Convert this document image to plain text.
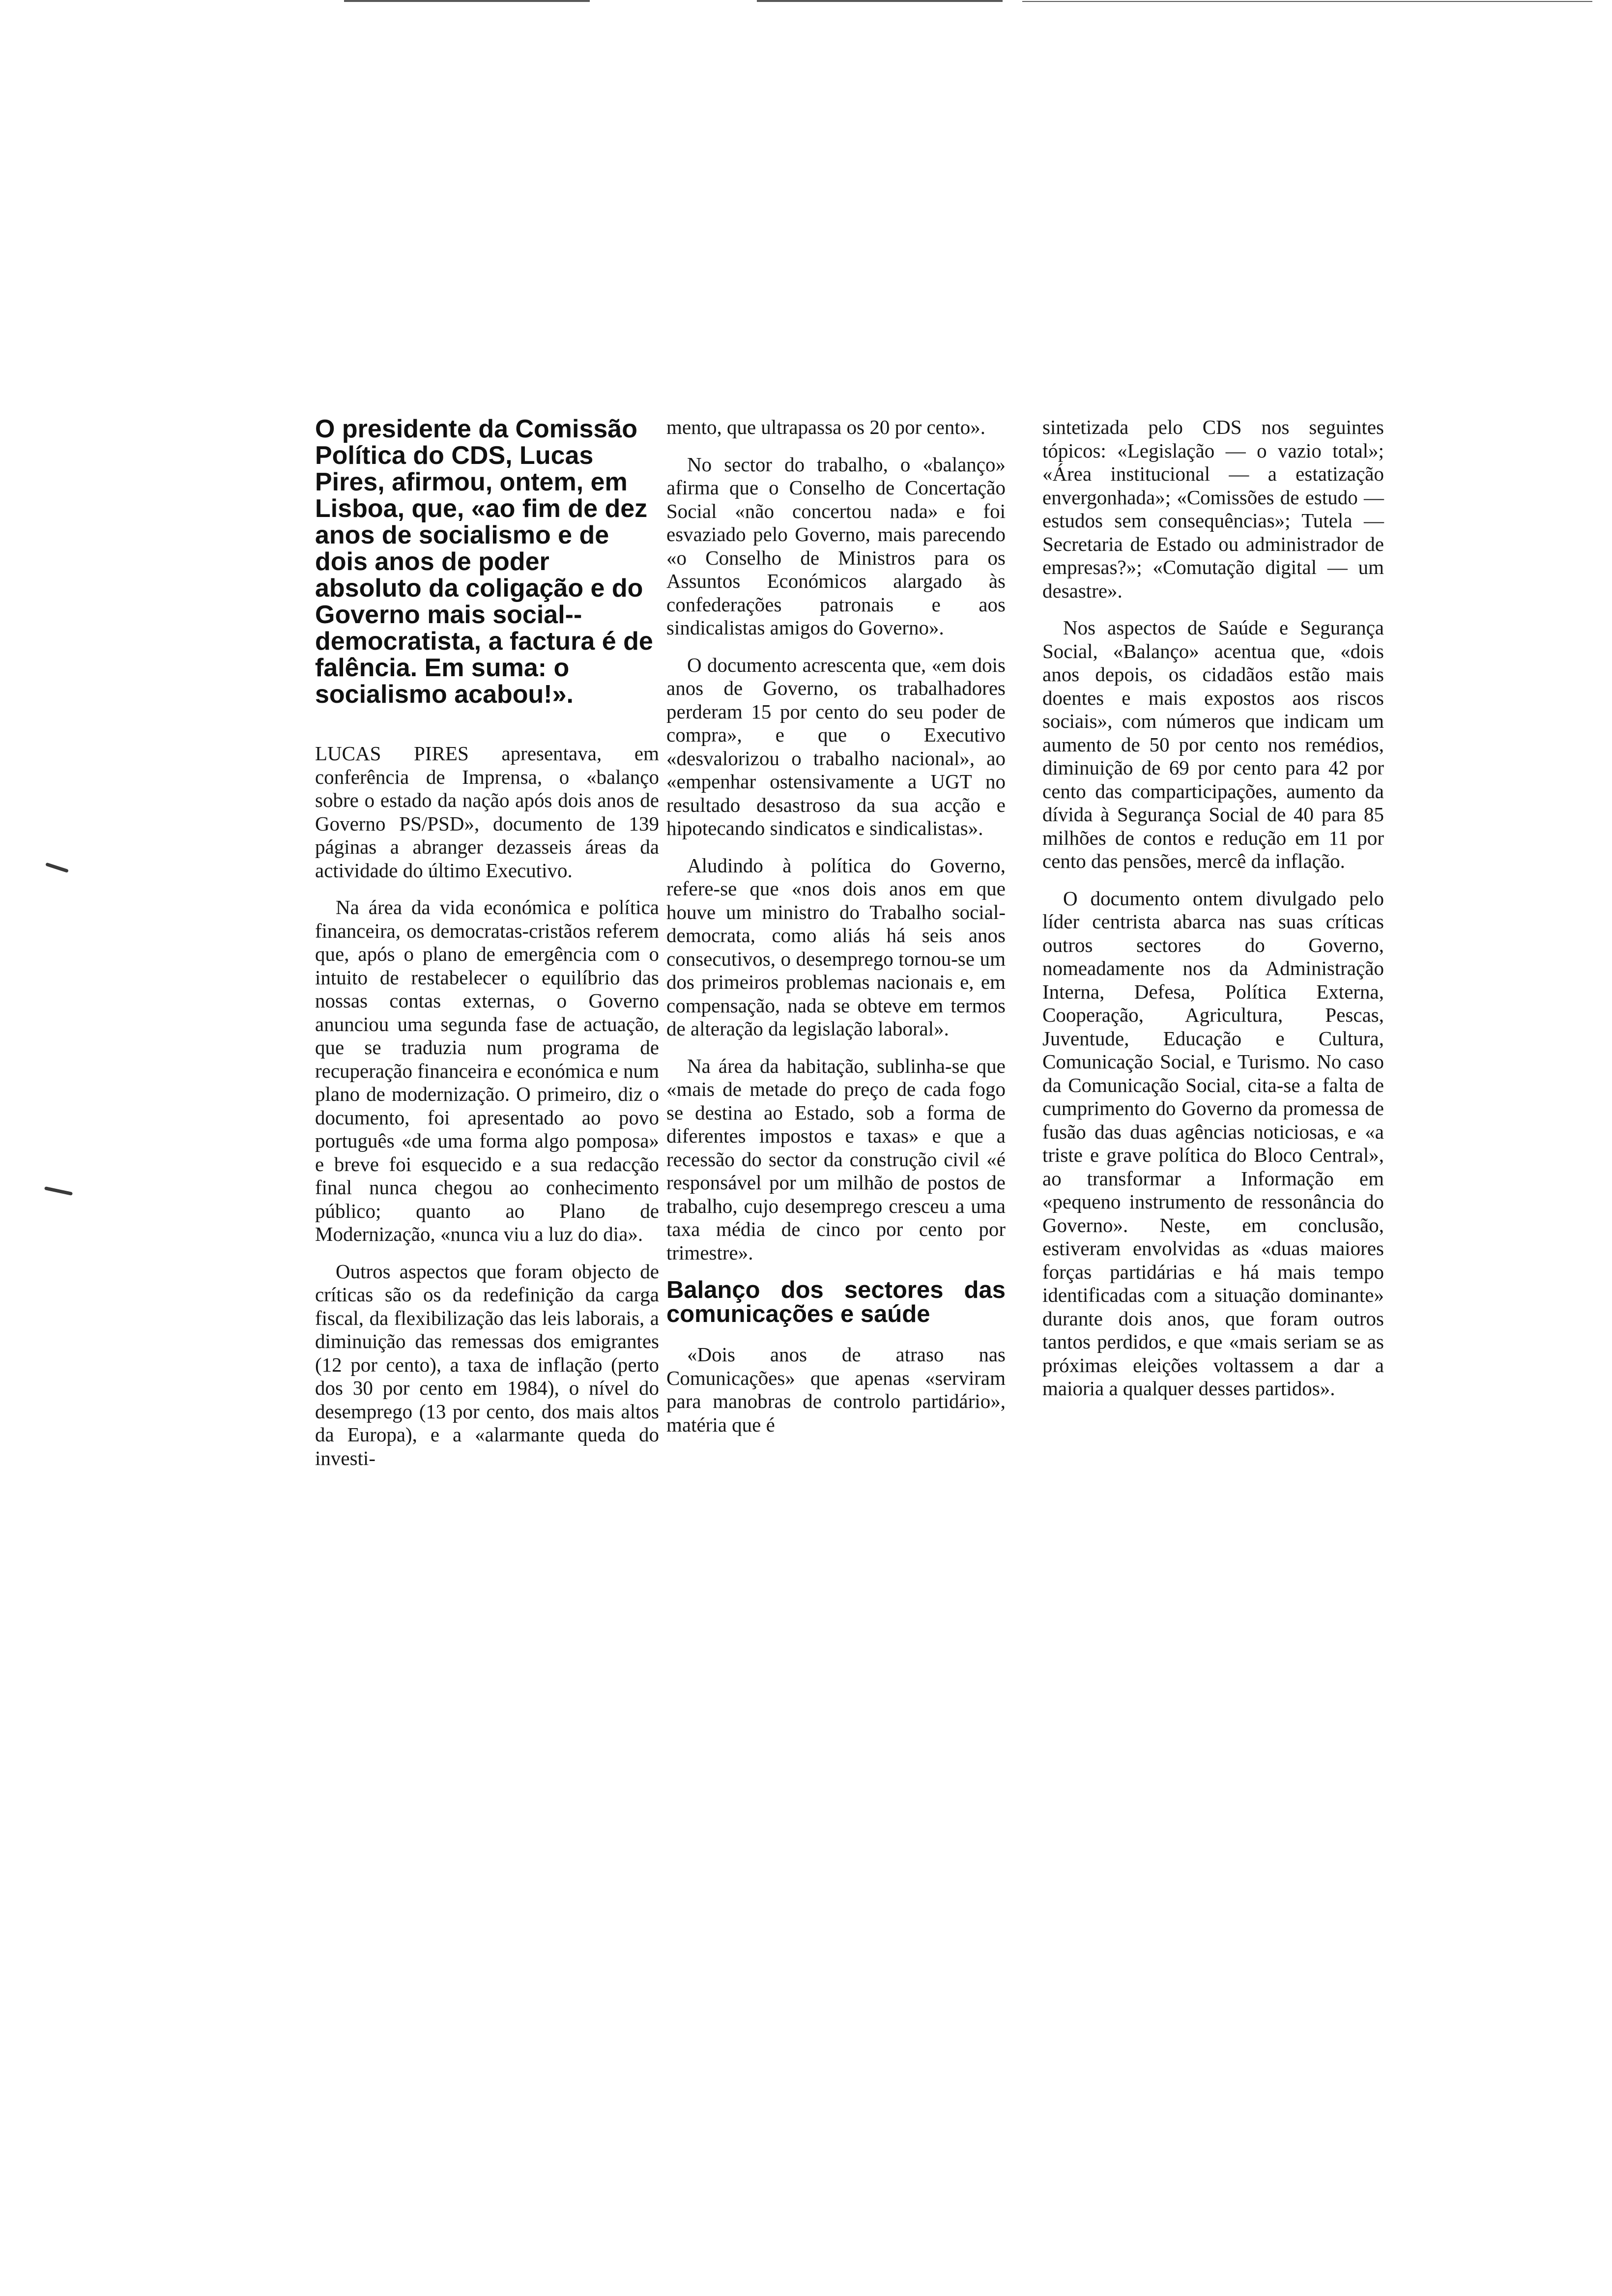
O presidente da Comissão Política do CDS, Lucas Pires, afirmou, ontem, em Lisboa, que, «ao fim de dez anos de socialismo e de dois anos de poder absoluto da coligação e do Governo mais social--democratista, a factura é de falência. Em suma: o socialismo acabou!».

LUCAS PIRES apresentava, em conferência de Imprensa, o «balanço sobre o estado da nação após dois anos de Governo PS/PSD», documento de 139 páginas a abranger dezasseis áreas da actividade do último Executivo.

Na área da vida económica e política financeira, os democratas-cristãos referem que, após o plano de emergência com o intuito de restabelecer o equilíbrio das nossas contas externas, o Governo anunciou uma segunda fase de actuação, que se traduzia num programa de recuperação financeira e económica e num plano de modernização. O primeiro, diz o documento, foi apresentado ao povo português «de uma forma algo pomposa» e breve foi esquecido e a sua redacção final nunca chegou ao conhecimento público; quanto ao Plano de Modernização, «nunca viu a luz do dia».

Outros aspectos que foram objecto de críticas são os da redefinição da carga fiscal, da flexibilização das leis laborais, a diminuição das remessas dos emigrantes (12 por cento), a taxa de inflação (perto dos 30 por cento em 1984), o nível do desemprego (13 por cento, dos mais altos da Europa), e a «alarmante queda do investi-

mento, que ultrapassa os 20 por cento».

No sector do trabalho, o «balanço» afirma que o Conselho de Concertação Social «não concertou nada» e foi esvaziado pelo Governo, mais parecendo «o Conselho de Ministros para os Assuntos Económicos alargado às confederações patronais e aos sindicalistas amigos do Governo».

O documento acrescenta que, «em dois anos de Governo, os trabalhadores perderam 15 por cento do seu poder de compra», e que o Executivo «desvalorizou o trabalho nacional», ao «empenhar ostensivamente a UGT no resultado desastroso da sua acção e hipotecando sindicatos e sindicalistas».

Aludindo à política do Governo, refere-se que «nos dois anos em que houve um ministro do Trabalho social-democrata, como aliás há seis anos consecutivos, o desemprego tornou-se um dos primeiros problemas nacionais e, em compensação, nada se obteve em termos de alteração da legislação laboral».

Na área da habitação, sublinha-se que «mais de metade do preço de cada fogo se destina ao Estado, sob a forma de diferentes impostos e taxas» e que a recessão do sector da construção civil «é responsável por um milhão de postos de trabalho, cujo desemprego cresceu a uma taxa média de cinco por cento por trimestre».

Balanço dos sectores das comunicações e saúde

«Dois anos de atraso nas Comunicações» que apenas «serviram para manobras de controlo partidário», matéria que é

sintetizada pelo CDS nos seguintes tópicos: «Legislação — o vazio total»; «Área institucional — a estatização envergonhada»; «Comissões de estudo — estudos sem consequências»; Tutela — Secretaria de Estado ou administrador de empresas?»; «Comutação digital — um desastre».

Nos aspectos de Saúde e Segurança Social, «Balanço» acentua que, «dois anos depois, os cidadãos estão mais doentes e mais expostos aos riscos sociais», com números que indicam um aumento de 50 por cento nos remédios, diminuição de 69 por cento para 42 por cento das comparticipações, aumento da dívida à Segurança Social de 40 para 85 milhões de contos e redução em 11 por cento das pensões, mercê da inflação.

O documento ontem divulgado pelo líder centrista abarca nas suas críticas outros sectores do Governo, nomeadamente nos da Administração Interna, Defesa, Política Externa, Cooperação, Agricultura, Pescas, Juventude, Educação e Cultura, Comunicação Social, e Turismo. No caso da Comunicação Social, cita-se a falta de cumprimento do Governo da promessa de fusão das duas agências noticiosas, e «a triste e grave política do Bloco Central», ao transformar a Informação em «pequeno instrumento de ressonância do Governo». Neste, em conclusão, estiveram envolvidas as «duas maiores forças partidárias e há mais tempo identificadas com a situação dominante» durante dois anos, que foram outros tantos perdidos, e que «mais seriam se as próximas eleições voltassem a dar a maioria a qualquer desses partidos».
